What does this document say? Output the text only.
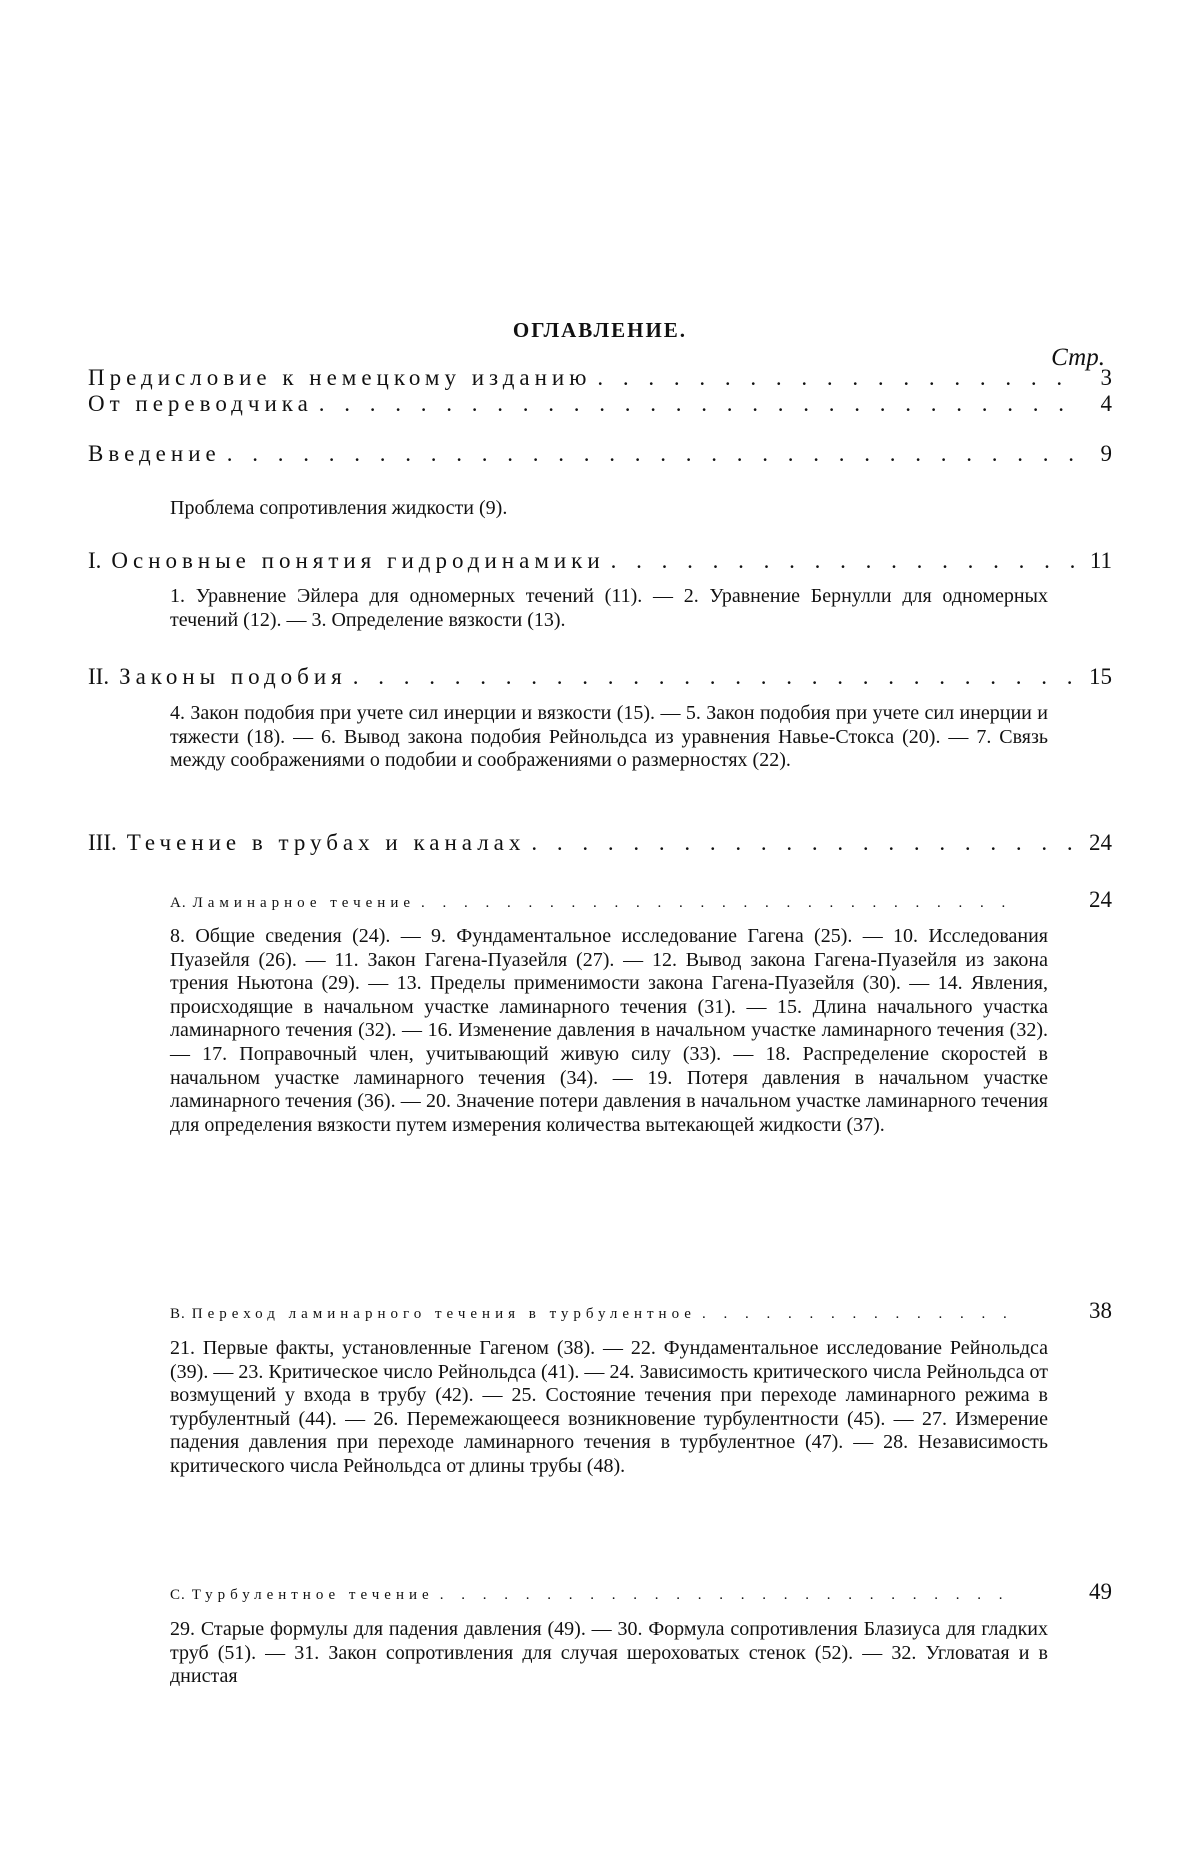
ОГЛАВЛЕНИЕ.
Стр.
Предисловие к немецкому изданию . . .	3
От переводчика . . .	4
Введение . . .	9
Проблема сопротивления жидкости (9).
I. Основные понятия гидродинамики . . .	11
1. Уравнение Эйлера для одномерных течений (11). — 2. Уравнение Бернулли для одномерных течений (12). — 3. Определение вязкости (13).
II. Законы подобия . . .	15
4. Закон подобия при учете сил инерции и вязкости (15). — 5. Закон подобия при учете сил инерции и тяжести (18). — 6. Вывод закона подобия Рейнольдса из уравнения Навье-Стокса (20). — 7. Связь между соображениями о подобии и соображениями о размерностях (22).
III. Течение в трубах и каналах . . .	24
A. Ламинарное течение . . .	24
8. Общие сведения (24). — 9. Фундаментальное исследование Гагена (25). — 10. Исследования Пуазейля (26). — 11. Закон Гагена-Пуазейля (27). — 12. Вывод закона Гагена-Пуазейля из закона трения Ньютона (29). — 13. Пределы применимости закона Гагена-Пуазейля (30). — 14. Явления, происходящие в начальном участке ламинарного течения (31). — 15. Длина начального участка ламинарного течения (32). — 16. Изменение давления в начальном участке ламинарного течения (32). — 17. Поправочный член, учитывающий живую силу (33). — 18. Распределение скоростей в начальном участке ламинарного течения (34). — 19. Потеря давления в начальном участке ламинарного течения (36). — 20. Значение потери давления в начальном участке ламинарного течения для определения вязкости путем измерения количества вытекающей жидкости (37).
B. Переход ламинарного течения в турбулентное . . .	38
21. Первые факты, установленные Гагеном (38). — 22. Фундаментальное исследование Рейнольдса (39). — 23. Критическое число Рейнольдса (41). — 24. Зависимость критического числа Рейнольдса от возмущений у входа в трубу (42). — 25. Состояние течения при переходе ламинарного режима в турбулентный (44). — 26. Перемежающееся возникновение турбулентности (45). — 27. Измерение падения давления при переходе ламинарного течения в турбулентное (47). — 28. Независимость критического числа Рейнольдса от длины трубы (48).
C. Турбулентное течение . . .	49
29. Старые формулы для падения давления (49). — 30. Формула сопротивления Блазиуса для гладких труб (51). — 31. Закон сопротивления для случая шероховатых стенок (52). — 32. Угловатая и в днистая
